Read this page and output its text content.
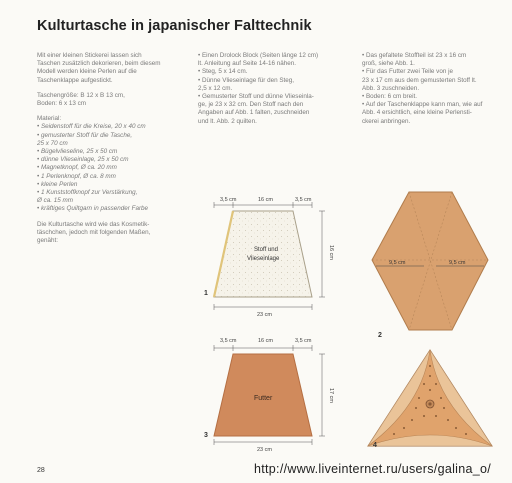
Kulturtasche in japanischer Falttechnik
Mit einer kleinen Stickerei lassen sich
Taschen zusätzlich dekorieren, beim diesem
Modell werden kleine Perlen auf die
Taschenklappe aufgestickt.
Taschengröße: B 12 x B 13 cm,
Boden: 6 x 13 cm
Material:
• Seidenstoff für die Kreise, 20 x 40 cm
• gemusterter Stoff für die Tasche,
25 x 70 cm
• Bügelvlieseline, 25 x 50 cm
• dünne Vlieseinlage, 25 x 50 cm
• Magnetknopf, Ø ca. 20 mm
• 1 Perlenknopf, Ø ca. 8 mm
• kleine Perlen
• 1 Kunststoffknopf zur Verstärkung,
Ø ca. 15 mm
• kräftiges Quiltgarn in passender Farbe
Die Kulturtasche wird wie das Kosmetik-
täschchen, jedoch mit folgenden Maßen,
genäht:
• Einen Drolock Block (Seiten länge 12 cm)
lt. Anleitung auf Seite 14-16 nähen.
• Steg, 5 x 14 cm.
• Dünne Vlieseinlage für den Steg,
2,5 x 12 cm.
• Gemusterter Stoff und dünne Vlieseinla-
ge, je 23 x 32 cm. Den Stoff nach den
Angaben auf Abb. 1 falten, zuschneiden
und lt. Abb. 2 quilten.
• Das gefaltete Stoffteil ist 23 x 16 cm
groß, siehe Abb. 1.
• Für das Futter zwei Teile von je
23 x 17 cm aus dem gemusterten Stoff lt.
Abb. 3 zuschneiden.
• Boden: 6 cm breit.
• Auf der Taschenklappe kann man, wie auf
Abb. 4 ersichtlich, eine kleine Perlensti-
ckerei anbringen.
3,5 cm	16 cm	3,5 cm
16 cm
23 cm
Stoff und
Vlieseinlage
1
9,5 cm	9,5 cm
2
3,5 cm	16 cm	3,5 cm
17 cm
23 cm
Futter
3
4
28	http://www.liveinternet.ru/users/galina_o/
